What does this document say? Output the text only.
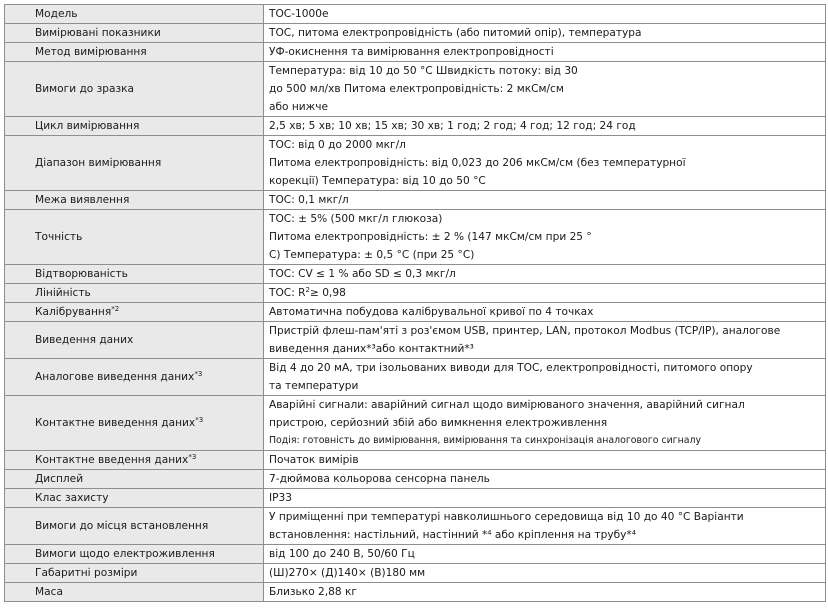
Модель	TOC-1000e

Вимірювані показники	TOC, питома електропровідність (або питомий опір), температура

Метод вимірювання	УФ-окиснення та вимірювання електропровідності

Вимоги до зразка	Температура: від 10 до 50 °C Швидкість потоку: від 30
до 500 мл/хв Питома електропровідність: 2 мкСм/см
або нижче

Цикл вимірювання	2,5 хв; 5 хв; 10 хв; 15 хв; 30 хв; 1 год; 2 год; 4 год; 12 год; 24 год

Діапазон вимірювання	TOC: від 0 до 2000 мкг/л
Питома електропровідність: від 0,023 до 206 мкСм/см (без температурної
корекції) Температура: від 10 до 50 °C

Межа виявлення	TOC: 0,1 мкг/л

Точність	TOC: ± 5% (500 мкг/л глюкоза)
Питома електропровідність: ± 2 % (147 мкСм/см при 25 °
C) Температура: ± 0,5 °C (при 25 °C)

Відтворюваність	TOC: CV ≤ 1 % або SD ≤ 0,3 мкг/л

Лінійність	TOC: $R^2\ge 0,98$

Калібрування$^{*2}$	Автоматична побудова калібрувальної кривої по 4 точках

Виведення даних	Пристрій флеш-пам'яті з роз'ємом USB, принтер, LAN, протокол Modbus (TCP/IP), аналогове
виведення даних*³або контактний*³

Аналогове виведення даних$^{*3}$	Від 4 до 20 мА, три ізольованих виводи для TOC, електропровідності, питомого опору
та температури

Контактне виведення даних$^{*3}$	Аварійні сигнали: аварійний сигнал щодо вимірюваного значення, аварійний сигнал
пристрою, серйозний збій або вимкнення електроживлення
Подія: готовність до вимірювання, вимірювання та синхронізація аналогового сигналу

Контактне введення даних$^{*3}$	Початок вимірів

Дисплей	7-дюймова кольорова сенсорна панель

Клас захисту	IP33

Вимоги до місця встановлення	У приміщенні при температурі навколишнього середовища від 10 до 40 °C Варіанти
встановлення: настільний, настінний *⁴ або кріплення на трубу*⁴

Вимоги щодо електроживлення	від 100 до 240 В, 50/60 Гц

Габаритні розміри	(Ш)270× (Д)140× (В)180 мм

Маса	Близько 2,88 кг
